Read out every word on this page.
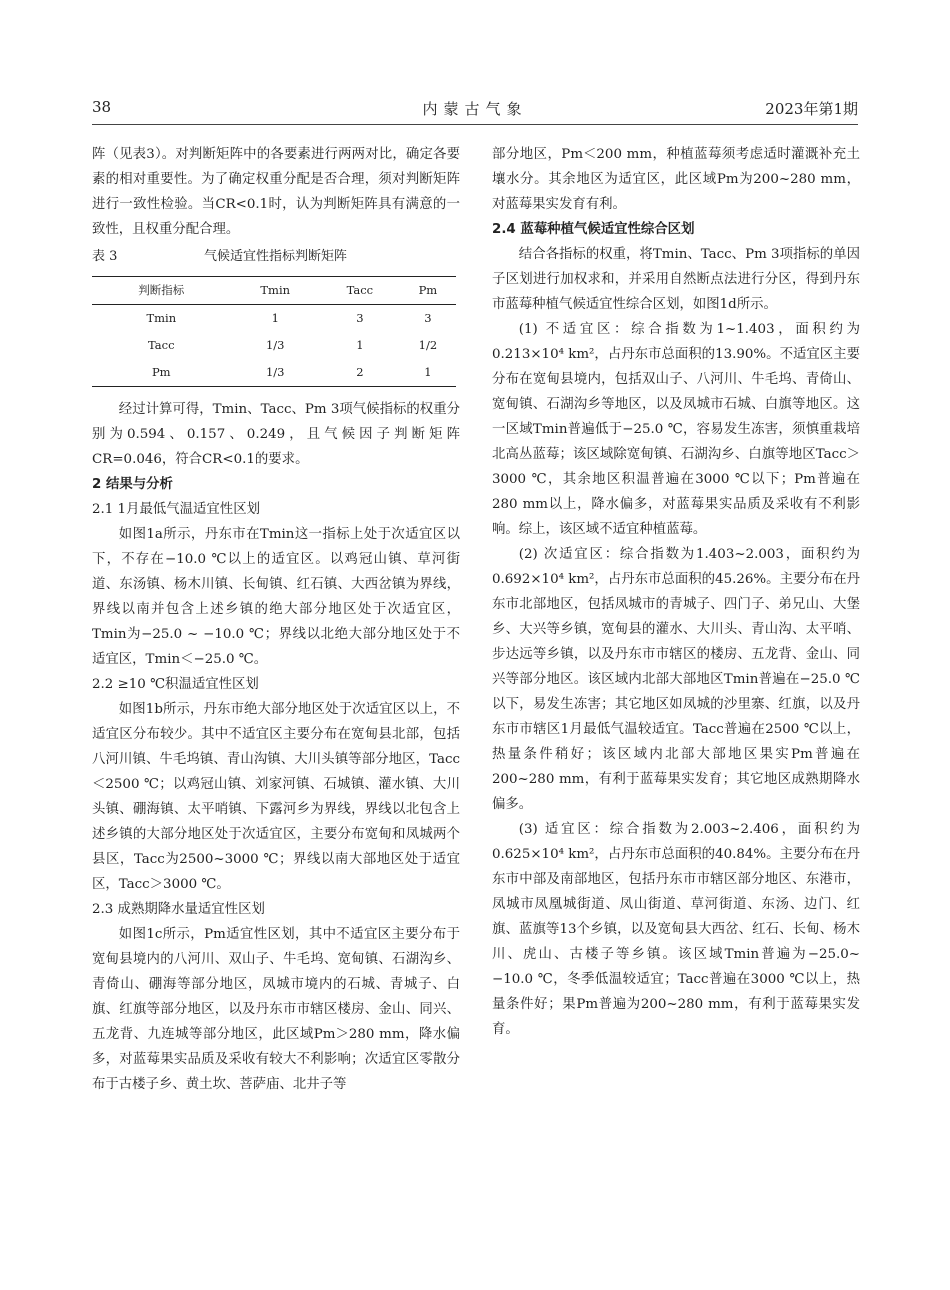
38	内蒙古气象	2023年第1期

阵（见表3）。对判断矩阵中的各要素进行两两对比，确定各要素的相对重要性。为了确定权重分配是否合理，须对判断矩阵进行一致性检验。当CR<0.1时，认为判断矩阵具有满意的一致性，且权重分配合理。

表 3	气候适宜性指标判断矩阵
判断指标	Tmin	Tacc	Pm
Tmin	1	3	3
Tacc	1/3	1	1/2
Pm	1/3	2	1

经过计算可得，Tmin、Tacc、Pm 3项气候指标的权重分别为0.594、0.157、0.249，且气候因子判断矩阵CR=0.046，符合CR<0.1的要求。

2 结果与分析
2.1 1月最低气温适宜性区划

如图1a所示，丹东市在Tmin这一指标上处于次适宜区以下，不存在−10.0 ℃以上的适宜区。以鸡冠山镇、草河街道、东汤镇、杨木川镇、长甸镇、红石镇、大西岔镇为界线，界线以南并包含上述乡镇的绝大部分地区处于次适宜区，Tmin为−25.0 ~ −10.0 ℃；界线以北绝大部分地区处于不适宜区，Tmin＜−25.0 ℃。

2.2 ≥10 ℃积温适宜性区划

如图1b所示，丹东市绝大部分地区处于次适宜区以上，不适宜区分布较少。其中不适宜区主要分布在宽甸县北部，包括八河川镇、牛毛坞镇、青山沟镇、大川头镇等部分地区，Tacc＜2500 ℃；以鸡冠山镇、刘家河镇、石城镇、灌水镇、大川头镇、硼海镇、太平哨镇、下露河乡为界线，界线以北包含上述乡镇的大部分地区处于次适宜区，主要分布宽甸和凤城两个县区，Tacc为2500~3000 ℃；界线以南大部地区处于适宜区，Tacc＞3000 ℃。

2.3 成熟期降水量适宜性区划

如图1c所示，Pm适宜性区划，其中不适宜区主要分布于宽甸县境内的八河川、双山子、牛毛坞、宽甸镇、石湖沟乡、青倚山、硼海等部分地区，凤城市境内的石城、青城子、白旗、红旗等部分地区，以及丹东市市辖区楼房、金山、同兴、五龙背、九连城等部分地区，此区域Pm＞280 mm，降水偏多，对蓝莓果实品质及采收有较大不利影响；次适宜区零散分布于古楼子乡、黄土坎、菩萨庙、北井子等

部分地区，Pm＜200 mm，种植蓝莓须考虑适时灌溉补充土壤水分。其余地区为适宜区，此区域Pm为200~280 mm，对蓝莓果实发育有利。

2.4 蓝莓种植气候适宜性综合区划

结合各指标的权重，将Tmin、Tacc、Pm 3项指标的单因子区划进行加权求和，并采用自然断点法进行分区，得到丹东市蓝莓种植气候适宜性综合区划，如图1d所示。

(1) 不适宜区：综合指数为1~1.403，面积约为0.213×10⁴ km²，占丹东市总面积的13.90%。不适宜区主要分布在宽甸县境内，包括双山子、八河川、牛毛坞、青倚山、宽甸镇、石湖沟乡等地区，以及凤城市石城、白旗等地区。这一区域Tmin普遍低于−25.0 ℃，容易发生冻害，须慎重栽培北高丛蓝莓；该区域除宽甸镇、石湖沟乡、白旗等地区Tacc＞3000 ℃，其余地区积温普遍在3000 ℃以下；Pm普遍在280 mm以上，降水偏多，对蓝莓果实品质及采收有不利影响。综上，该区域不适宜种植蓝莓。

(2) 次适宜区：综合指数为1.403~2.003，面积约为0.692×10⁴ km²，占丹东市总面积的45.26%。主要分布在丹东市北部地区，包括凤城市的青城子、四门子、弟兄山、大堡乡、大兴等乡镇，宽甸县的灌水、大川头、青山沟、太平哨、步达远等乡镇，以及丹东市市辖区的楼房、五龙背、金山、同兴等部分地区。该区域内北部大部地区Tmin普遍在−25.0 ℃以下，易发生冻害；其它地区如凤城的沙里寨、红旗，以及丹东市市辖区1月最低气温较适宜。Tacc普遍在2500 ℃以上，热量条件稍好；该区域内北部大部地区果实Pm普遍在200~280 mm，有利于蓝莓果实发育；其它地区成熟期降水偏多。

(3) 适宜区：综合指数为2.003~2.406，面积约为0.625×10⁴ km²，占丹东市总面积的40.84%。主要分布在丹东市中部及南部地区，包括丹东市市辖区部分地区、东港市，凤城市凤凰城街道、凤山街道、草河街道、东汤、边门、红旗、蓝旗等13个乡镇，以及宽甸县大西岔、红石、长甸、杨木川、虎山、古楼子等乡镇。该区域Tmin普遍为−25.0~ −10.0 ℃，冬季低温较适宜；Tacc普遍在3000 ℃以上，热量条件好；果Pm普遍为200~280 mm，有利于蓝莓果实发育。
